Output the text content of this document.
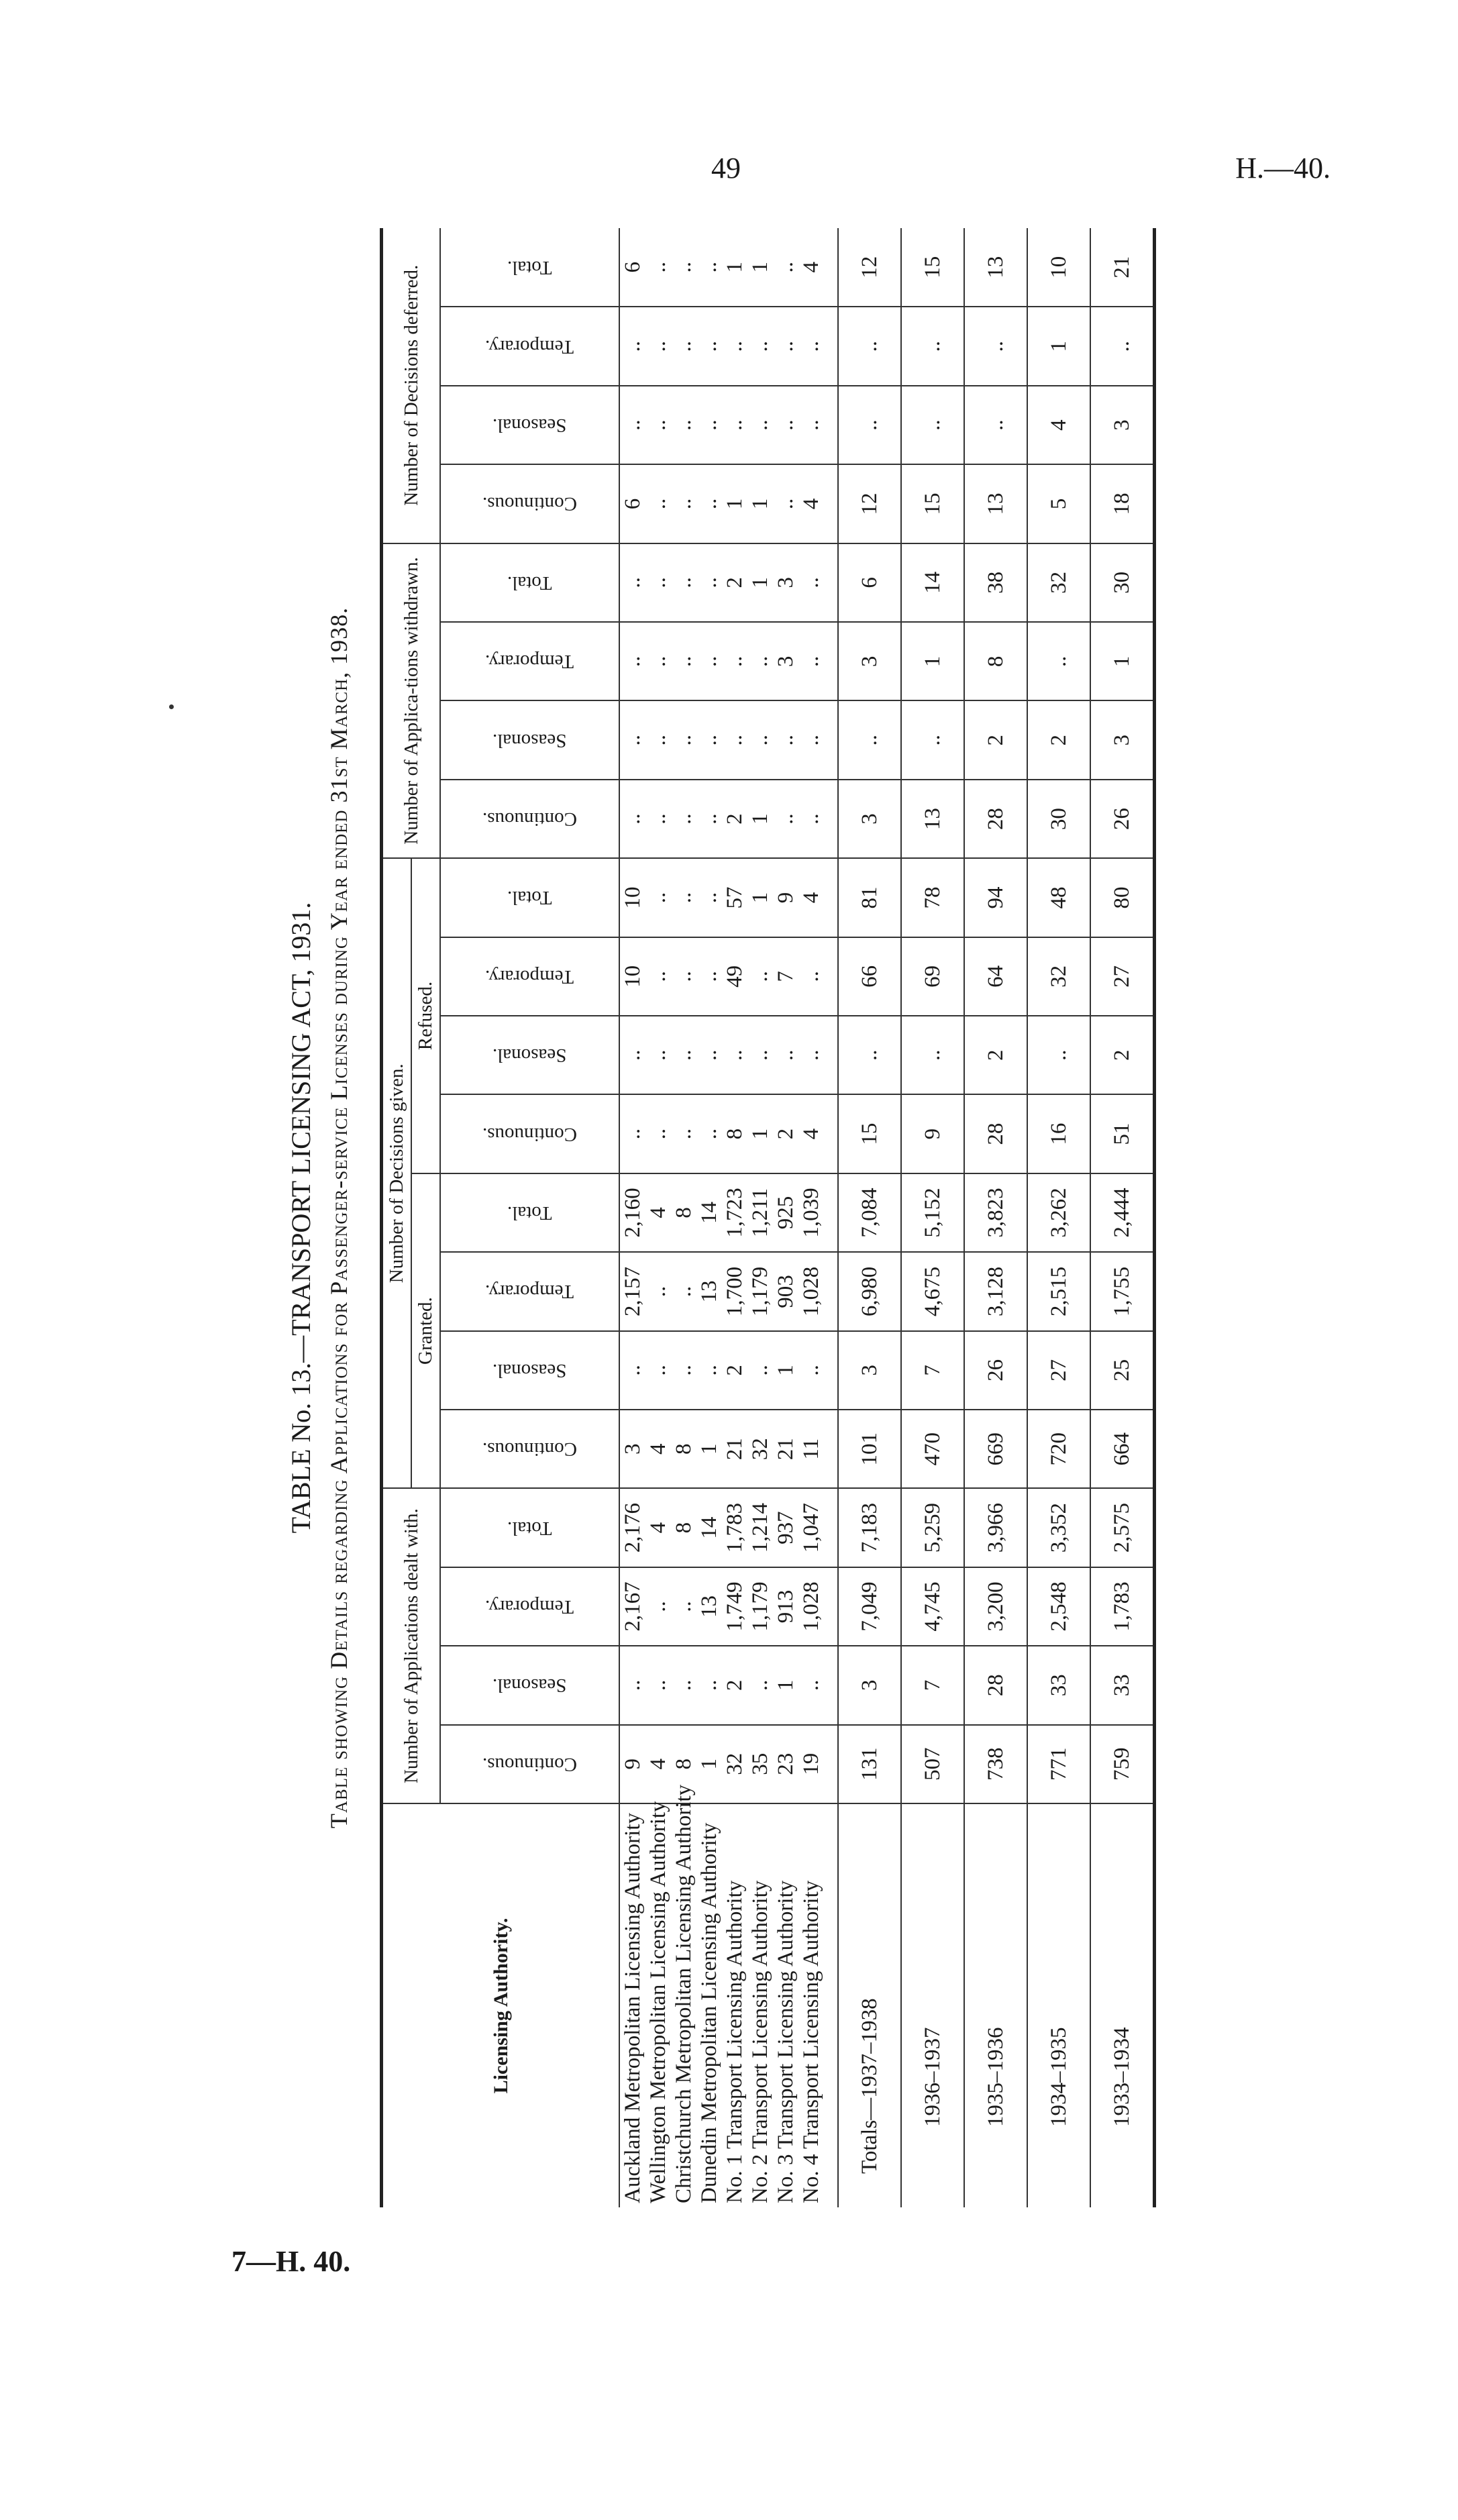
49	H.—40.
TABLE No. 13.—TRANSPORT LICENSING ACT, 1931. Table showing Details regarding Applications for Passenger-service Licenses during Year ended 31st March, 1938.
Licensing Authority.	Number of Applications dealt with.				Number of Decisions given.								Number of Applica-tions withdrawn.				Number of Decisions deferred.			
					Granted.				Refused.											

	Continuous.	Seasonal.	Temporary.	Total.	Continuous.	Seasonal.	Temporary.	Total.	Continuous.	Seasonal.	Temporary.	Total.	Continuous.	Seasonal.	Temporary.	Total.	Continuous.	Seasonal.	Temporary.	Total.

Auckland Metropolitan Licensing Authority	9	..	2,167	2,176	3	..	2,157	2,160	..	..	10	10	..	..	..	..	6	..	..	6
Wellington Metropolitan Licensing Authority	4	..	..	4	4	..	..	4	..	..	..	..	..	..	..	..	..	..	..	..
Christchurch Metropolitan Licensing Authority	8	..	..	8	8	..	..	8	..	..	..	..	..	..	..	..	..	..	..	..
Dunedin Metropolitan Licensing Authority	1	..	13	14	1	..	13	14	..	..	..	..	..	..	..	..	..	..	..	..
No. 1 Transport Licensing Authority	32	2	1,749	1,783	21	2	1,700	1,723	8	..	49	57	2	..	..	2	1	..	..	1
No. 2 Transport Licensing Authority	35	..	1,179	1,214	32	..	1,179	1,211	1	..	..	1	1	..	..	1	1	..	..	1
No. 3 Transport Licensing Authority	23	1	913	937	21	1	903	925	2	..	7	9	..	..	3	3	..	..	..	..
No. 4 Transport Licensing Authority	19	..	1,028	1,047	11	..	1,028	1,039	4	..	..	4	..	..	..	..	4	..	..	4
Totals—1937–1938	131	3	7,049	7,183	101	3	6,980	7,084	15	..	66	81	3	..	3	6	12	..	..	12
1936–1937	507	7	4,745	5,259	470	7	4,675	5,152	9	..	69	78	13	..	1	14	15	..	..	15
1935–1936	738	28	3,200	3,966	669	26	3,128	3,823	28	2	64	94	28	2	8	38	13	..	..	13
1934–1935	771	33	2,548	3,352	720	27	2,515	3,262	16	..	32	48	30	2	..	32	5	4	1	10
1933–1934	759	33	1,783	2,575	664	25	1,755	2,444	51	2	27	80	26	3	1	30	18	3	..	21
7—H. 40.
